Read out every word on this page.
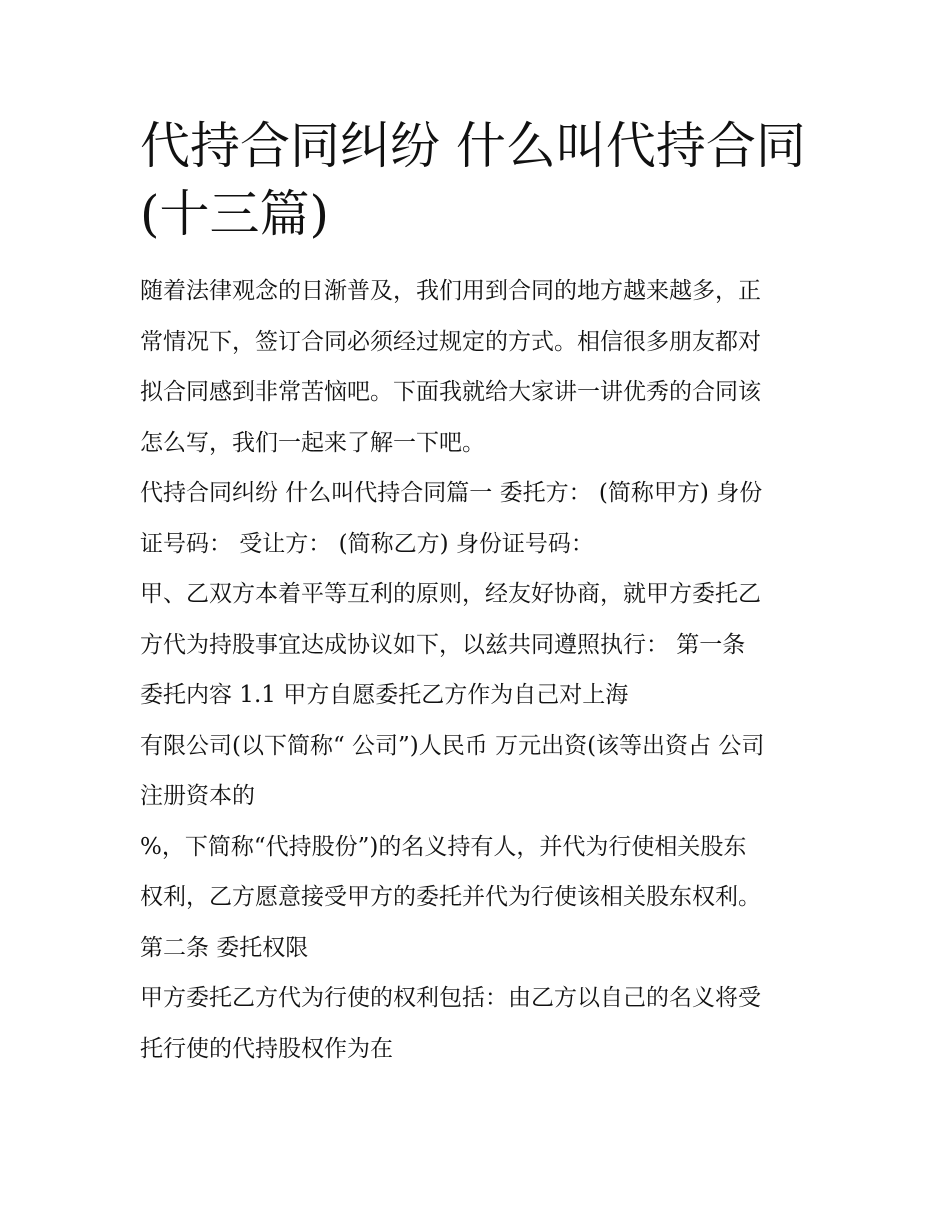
代持合同纠纷 什么叫代持合同
(十三篇)

随着法律观念的日渐普及，我们用到合同的地方越来越多，正

常情况下，签订合同必须经过规定的方式。相信很多朋友都对

拟合同感到非常苦恼吧。下面我就给大家讲一讲优秀的合同该

怎么写，我们一起来了解一下吧。

代持合同纠纷 什么叫代持合同篇一 委托方： (简称甲方) 身份

证号码： 受让方： (简称乙方) 身份证号码：

甲、乙双方本着平等互利的原则，经友好协商，就甲方委托乙

方代为持股事宜达成协议如下，以兹共同遵照执行： 第一条

委托内容 1.1 甲方自愿委托乙方作为自己对上海

有限公司(以下简称“ 公司”)人民币 万元出资(该等出资占 公司

注册资本的

%，下简称“代持股份”)的名义持有人，并代为行使相关股东

权利，乙方愿意接受甲方的委托并代为行使该相关股东权利。

第二条 委托权限

甲方委托乙方代为行使的权利包括：由乙方以自己的名义将受

托行使的代持股权作为在
